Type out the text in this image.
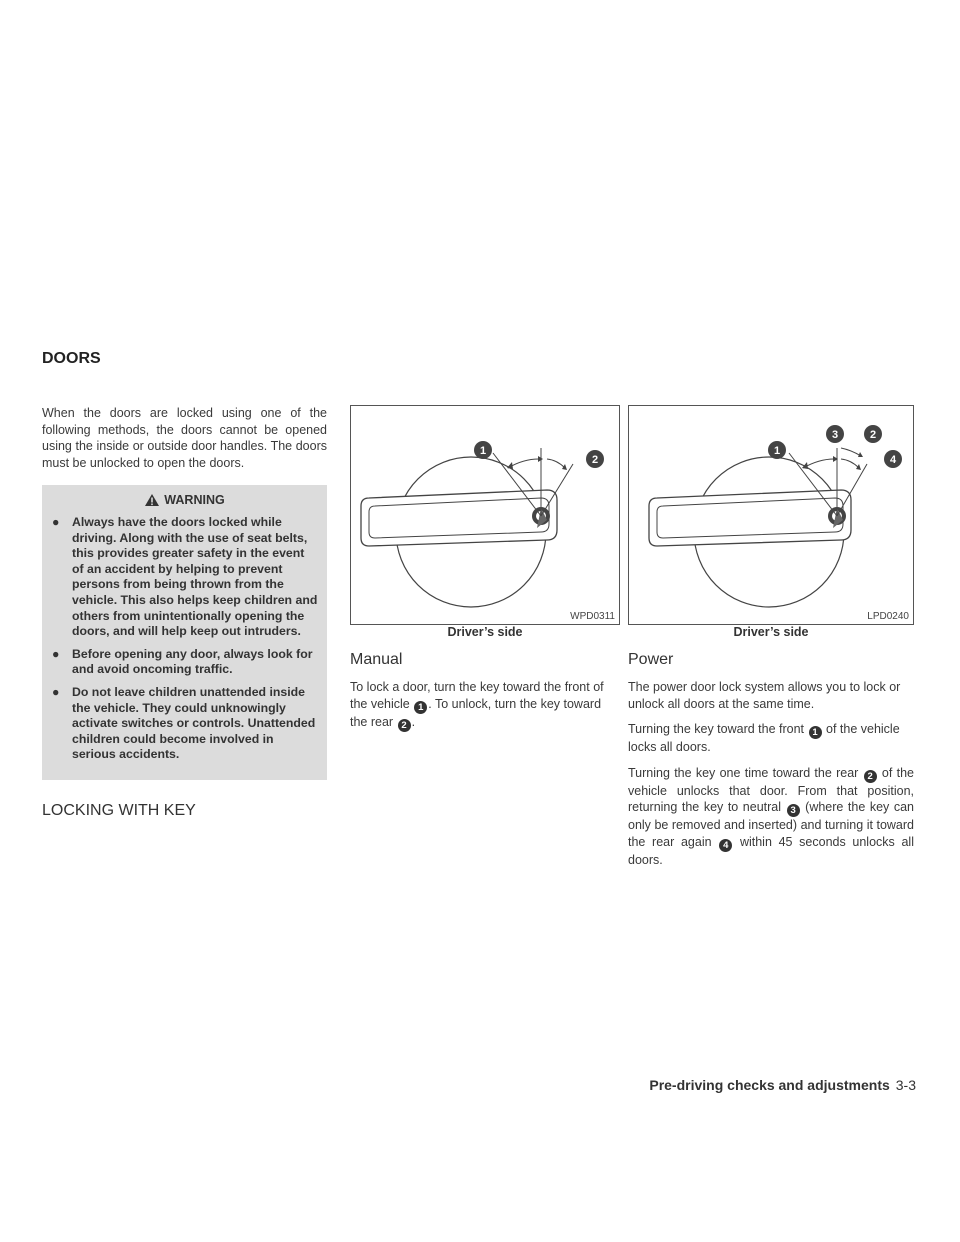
DOORS

When the doors are locked using one of the following methods, the doors cannot be opened using the inside or outside door handles. The doors must be unlocked to open the doors.

WARNING
●	Always have the doors locked while driving. Along with the use of seat belts, this provides greater safety in the event of an accident by helping to prevent persons from being thrown from the vehicle. This also helps keep children and others from unintentionally opening the doors, and will help keep out intruders.
●	Before opening any door, always look for and avoid oncoming traffic.
●	Do not leave children unattended inside the vehicle. They could unknowingly activate switches or controls. Unattended children could become involved in serious accidents.
LOCKING WITH KEY
1
2
WPD0311
Driver’s side
Manual

To lock a door, turn the key toward the front of the vehicle 1 . To unlock, turn the key toward the rear 2 .

1
2
3
4
LPD0240
Driver’s side
Power

The power door lock system allows you to lock or unlock all doors at the same time.

Turning the key toward the front 1 of the vehicle locks all doors.

Turning the key one time toward the rear 2 of the vehicle unlocks that door. From that position, returning the key to neutral 3 (where the key can only be removed and inserted) and turning it toward the rear again 4 within 45 seconds unlocks all doors.

Pre-driving checks and adjustments 3-3
